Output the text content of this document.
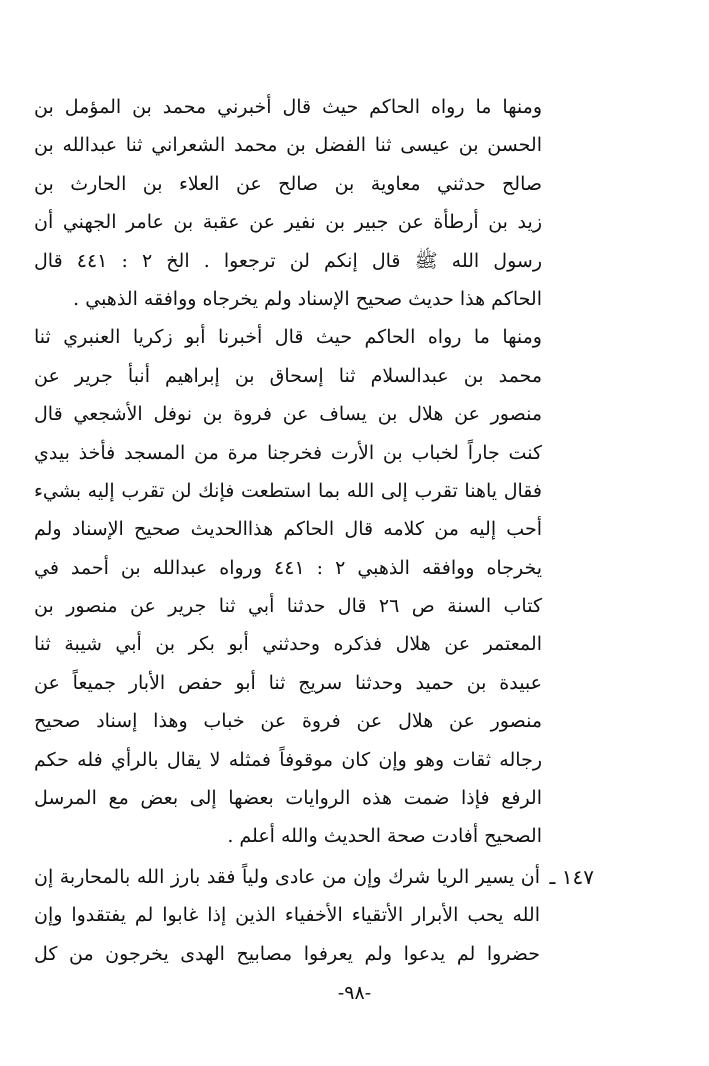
ومنها ما رواه الحاكم حيث قال أخبرني محمد بن المؤمل بن
الحسن بن عيسى ثنا الفضل بن محمد الشعراني ثنا عبدالله بن
صالح حدثني معاوية بن صالح عن العلاء بن الحارث بن
زيد بن أرطأة عن جبير بن نفير عن عقبة بن عامر الجهني أن
رسول الله ﷺ قال إنكم لن ترجعوا . الخ ٢ : ٤٤١ قال
الحاكم هذا حديث صحيح الإسناد ولم يخرجاه ووافقه الذهبي .
ومنها ما رواه الحاكم حيث قال أخبرنا أبو زكريا العنبري ثنا
محمد بن عبدالسلام ثنا إسحاق بن إبراهيم أنبأ جرير عن
منصور عن هلال بن يساف عن فروة بن نوفل الأشجعي قال
كنت جاراً لخباب بن الأرت فخرجنا مرة من المسجد فأخذ بيدي
فقال ياهنا تقرب إلى الله بما استطعت فإنك لن تقرب إليه بشيء
أحب إليه من كلامه قال الحاكم هذاالحديث صحيح الإسناد ولم
يخرجاه ووافقه الذهبي ٢ : ٤٤١ ورواه عبدالله بن أحمد في
كتاب السنة ص ٢٦ قال حدثنا أبي ثنا جرير عن منصور بن
المعتمر عن هلال فذكره وحدثني أبو بكر بن أبي شيبة ثنا
عبيدة بن حميد وحدثنا سريج ثنا أبو حفص الأبار جميعاً عن
منصور عن هلال عن فروة عن خباب وهذا إسناد صحيح
رجاله ثقات وهو وإن كان موقوفاً فمثله لا يقال بالرأي فله حكم
الرفع فإذا ضمت هذه الروايات بعضها إلى بعض مع المرسل
الصحيح أفادت صحة الحديث والله أعلم .
١٤٧ ـ
أن يسير الريا شرك وإن من عادى ولياً فقد بارز الله بالمحاربة إن
الله يحب الأبرار الأتقياء الأخفياء الذين إذا غابوا لم يفتقدوا وإن
حضروا لم يدعوا ولم يعرفوا مصابيح الهدى يخرجون من كل
-٩٨-
